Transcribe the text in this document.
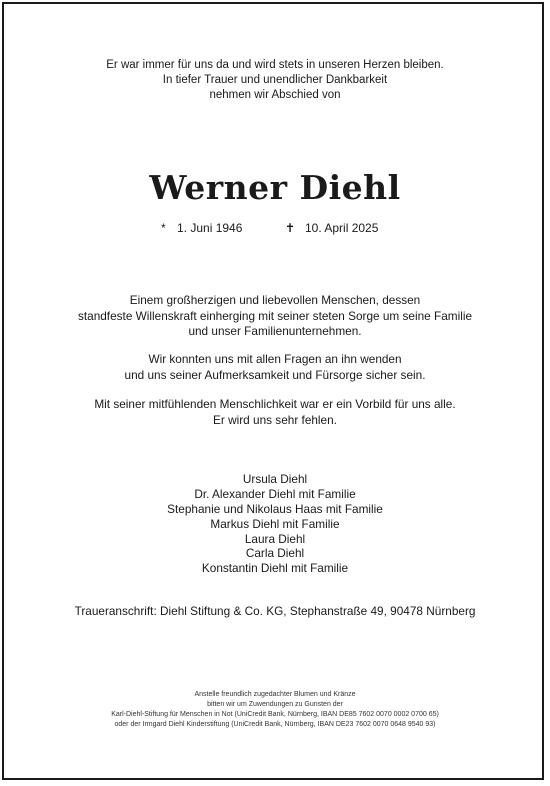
Er war immer für uns da und wird stets in unseren Herzen bleiben.
In tiefer Trauer und unendlicher Dankbarkeit
nehmen wir Abschied von
Werner Diehl
* 1. Juni 1946	✝ 10. April 2025
Einem großherzigen und liebevollen Menschen, dessen
standfeste Willenskraft einherging mit seiner steten Sorge um seine Familie
und unser Familienunternehmen.
Wir konnten uns mit allen Fragen an ihn wenden
und uns seiner Aufmerksamkeit und Fürsorge sicher sein.
Mit seiner mitfühlenden Menschlichkeit war er ein Vorbild für uns alle.
Er wird uns sehr fehlen.
Ursula Diehl
Dr. Alexander Diehl mit Familie
Stephanie und Nikolaus Haas mit Familie
Markus Diehl mit Familie
Laura Diehl
Carla Diehl
Konstantin Diehl mit Familie
Traueranschrift: Diehl Stiftung & Co. KG, Stephanstraße 49, 90478 Nürnberg
Anstelle freundlich zugedachter Blumen und Kränze
bitten wir um Zuwendungen zu Gunsten der
Karl-Diehl-Stiftung für Menschen in Not (UniCredit Bank, Nürnberg, IBAN DE85 7602 0070 0002 0700 65)
oder der Irmgard Diehl Kinderstiftung (UniCredit Bank, Nürnberg, IBAN DE23 7602 0070 0648 9540 93)
